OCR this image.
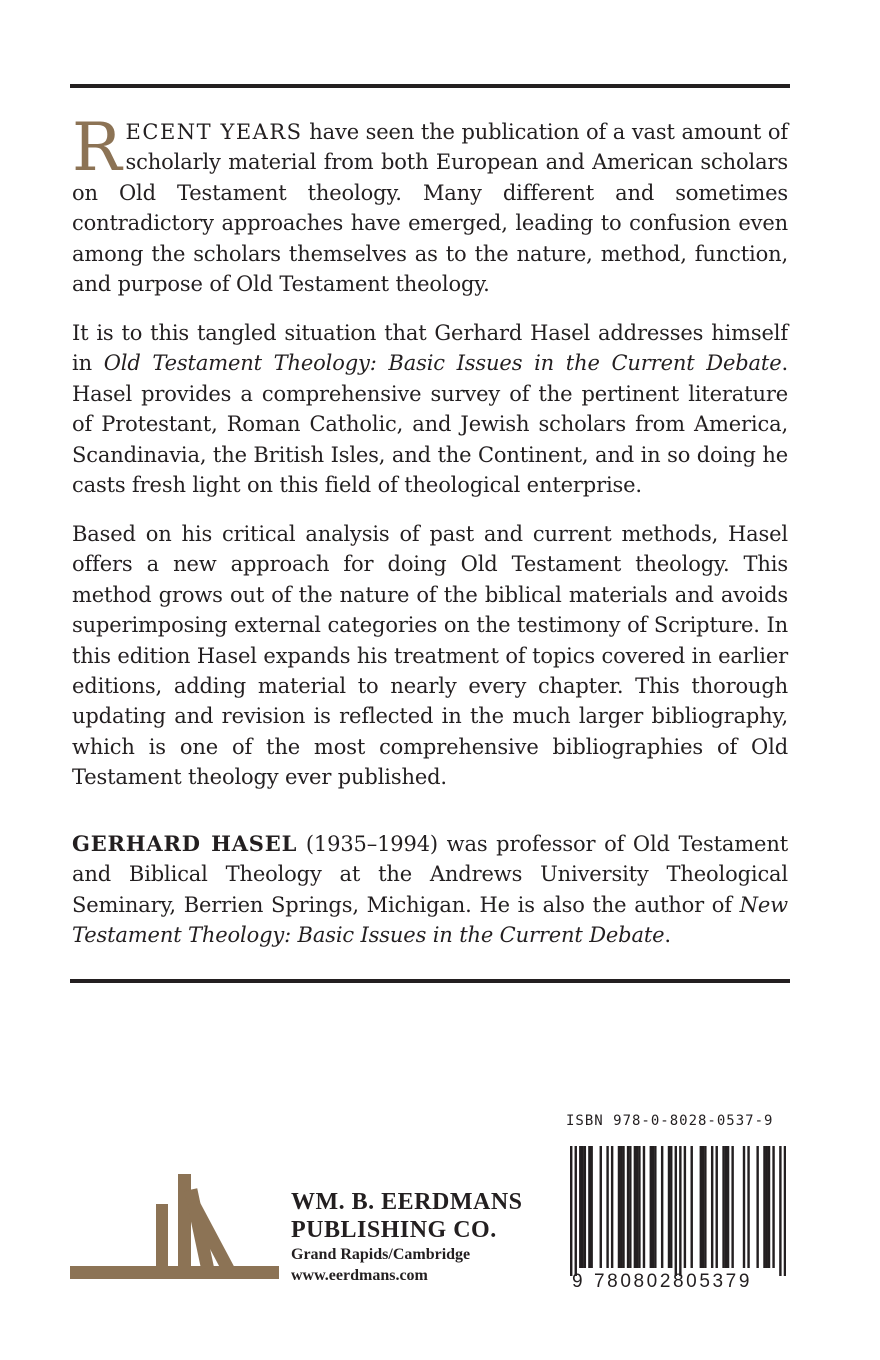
RECENT YEARS have seen the publication of a vast amount of scholarly material from both European and American scholars on Old Testament theology. Many different and sometimes contradictory approaches have emerged, leading to confusion even among the scholars themselves as to the nature, method, function, and purpose of Old Testament theology.

It is to this tangled situation that Gerhard Hasel addresses himself in Old Testament Theology: Basic Issues in the Current Debate. Hasel provides a comprehensive survey of the pertinent literature of Protestant, Roman Catholic, and Jewish scholars from America, Scandinavia, the British Isles, and the Continent, and in so doing he casts fresh light on this field of theological enterprise.

Based on his critical analysis of past and current methods, Hasel offers a new approach for doing Old Testament theology. This method grows out of the nature of the biblical materials and avoids superimposing external categories on the testimony of Scripture. In this edition Hasel expands his treatment of topics covered in earlier editions, adding material to nearly every chapter. This thorough updating and revision is reflected in the much larger bibliography, which is one of the most comprehensive bibliographies of Old Testament theology ever published.

GERHARD HASEL (1935–1994) was professor of Old Testament and Biblical Theology at the Andrews University Theological Seminary, Berrien Springs, Michigan. He is also the author of New Testament Theology: Basic Issues in the Current Debate.

WM. B. EERDMANS
PUBLISHING CO.
Grand Rapids/Cambridge
www.eerdmans.com
ISBN 978-0-8028-0537-9
9 780802805379
